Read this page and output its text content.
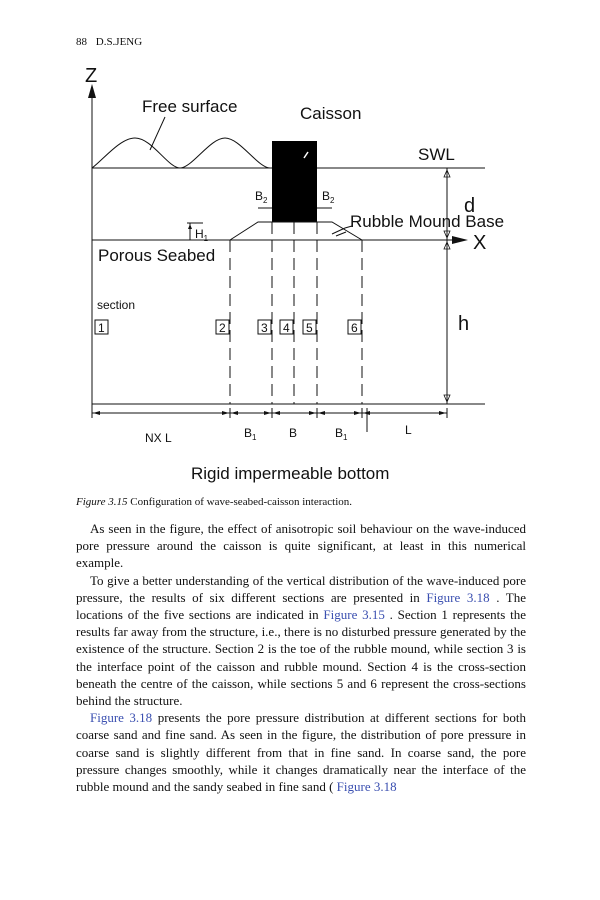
88 D.S.JENG
Z
Free surface
SWL
Caisson
Rubble Mound Base
X
Porous Seabed
$H_1$
$B_2$	$B_2$	d
h
section
1	2	3 4 5	6
NX L	$B_1$	B	$B_1$
L
Rigid impermeable bottom
Figure 3.15 Configuration of wave-seabed-caisson interaction.

As seen in the figure, the effect of anisotropic soil behaviour on the wave-induced pore pressure around the caisson is quite significant, at least in this numerical example.

To give a better understanding of the vertical distribution of the wave-induced pore pressure, the results of six different sections are presented in Figure 3.18 . The locations of the five sections are indicated in Figure 3.15 . Section 1 represents the results far away from the structure, i.e., there is no disturbed pressure generated by the existence of the structure. Section 2 is the toe of the rubble mound, while section 3 is the interface point of the caisson and rubble mound. Section 4 is the cross-section beneath the centre of the caisson, while sections 5 and 6 represent the cross-sections behind the structure.

Figure 3.18 presents the pore pressure distribution at different sections for both coarse sand and fine sand. As seen in the figure, the distribution of pore pressure in coarse sand is slightly different from that in fine sand. In coarse sand, the pore pressure changes smoothly, while it changes dramatically near the interface of the rubble mound and the sandy seabed in fine sand ( Figure 3.18
